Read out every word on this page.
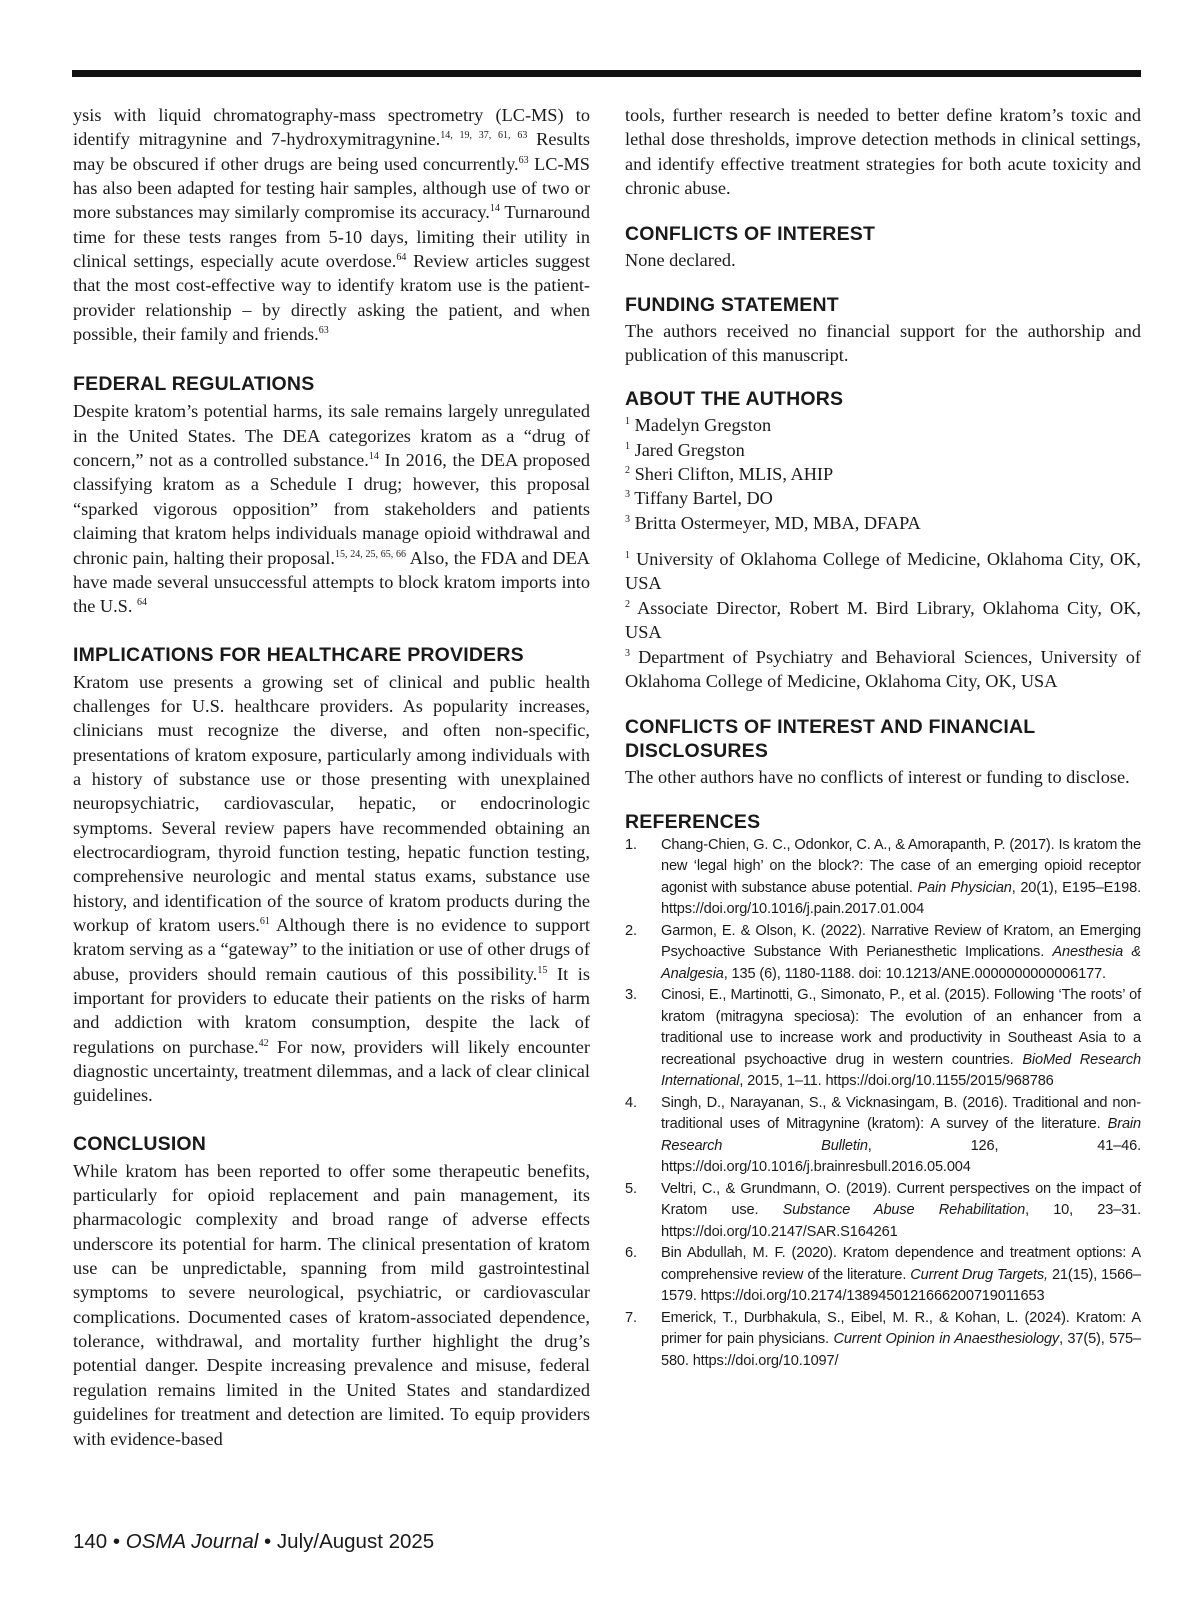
ysis with liquid chromatography-mass spectrometry (LC-MS) to identify mitragynine and 7-hydroxymitragynine.$^{14, 19, 37, 61, 63}$ Results may be obscured if other drugs are being used concurrently.$^{63}$ LC-MS has also been adapted for testing hair samples, although use of two or more substances may similarly compromise its accuracy.$^{14}$ Turnaround time for these tests ranges from 5-10 days, limiting their utility in clinical settings, especially acute overdose.$^{64}$ Review articles suggest that the most cost-effective way to identify kratom use is the patient-provider relationship – by directly asking the patient, and when possible, their family and friends.$^{63}$

FEDERAL REGULATIONS

Despite kratom’s potential harms, its sale remains largely unregulated in the United States. The DEA categorizes kratom as a “drug of concern,” not as a controlled substance.$^{14}$ In 2016, the DEA proposed classifying kratom as a Schedule I drug; however, this proposal “sparked vigorous opposition” from stakeholders and patients claiming that kratom helps individuals manage opioid withdrawal and chronic pain, halting their proposal.$^{15, 24, 25, 65, 66}$ Also, the FDA and DEA have made several unsuccessful attempts to block kratom imports into the U.S. $^{64}$

IMPLICATIONS FOR HEALTHCARE PROVIDERS

Kratom use presents a growing set of clinical and public health challenges for U.S. healthcare providers. As popularity increases, clinicians must recognize the diverse, and often non-specific, presentations of kratom exposure, particularly among individuals with a history of substance use or those presenting with unexplained neuropsychiatric, cardiovascular, hepatic, or endocrinologic symptoms. Several review papers have recommended obtaining an electrocardiogram, thyroid function testing, hepatic function testing, comprehensive neurologic and mental status exams, substance use history, and identification of the source of kratom products during the workup of kratom users.$^{61}$ Although there is no evidence to support kratom serving as a “gateway” to the initiation or use of other drugs of abuse, providers should remain cautious of this possibility.$^{15}$ It is important for providers to educate their patients on the risks of harm and addiction with kratom consumption, despite the lack of regulations on purchase.$^{42}$ For now, providers will likely encounter diagnostic uncertainty, treatment dilemmas, and a lack of clear clinical guidelines.

CONCLUSION

While kratom has been reported to offer some therapeutic benefits, particularly for opioid replacement and pain management, its pharmacologic complexity and broad range of adverse effects underscore its potential for harm. The clinical presentation of kratom use can be unpredictable, spanning from mild gastrointestinal symptoms to severe neurological, psychiatric, or cardiovascular complications. Documented cases of kratom-associated dependence, tolerance, withdrawal, and mortality further highlight the drug’s potential danger. Despite increasing prevalence and misuse, federal regulation remains limited in the United States and standardized guidelines for treatment and detection are limited. To equip providers with evidence-based

tools, further research is needed to better define kratom’s toxic and lethal dose thresholds, improve detection methods in clinical settings, and identify effective treatment strategies for both acute toxicity and chronic abuse.

CONFLICTS OF INTEREST

None declared.

FUNDING STATEMENT

The authors received no financial support for the authorship and publication of this manuscript.

ABOUT THE AUTHORS
$^1$ Madelyn Gregston
$^1$ Jared Gregston
$^2$ Sheri Clifton, MLIS, AHIP
$^3$ Tiffany Bartel, DO
$^3$ Britta Ostermeyer, MD, MBA, DFAPA

$^1$ University of Oklahoma College of Medicine, Oklahoma City, OK, USA

$^2$ Associate Director, Robert M. Bird Library, Oklahoma City, OK, USA

$^3$ Department of Psychiatry and Behavioral Sciences, University of Oklahoma College of Medicine, Oklahoma City, OK, USA

CONFLICTS OF INTEREST AND FINANCIAL DISCLOSURES

The other authors have no conflicts of interest or funding to disclose.

REFERENCES
1. Chang-Chien, G. C., Odonkor, C. A., & Amorapanth, P. (2017). Is kratom the new ‘legal high’ on the block?: The case of an emerging opioid receptor agonist with substance abuse potential. Pain Physician, 20(1), E195–E198. https://doi.org/10.1016/j.pain.2017.01.004
2. Garmon, E. & Olson, K. (2022). Narrative Review of Kratom, an Emerging Psychoactive Substance With Perianesthetic Implications. Anesthesia & Analgesia, 135 (6), 1180-1188. doi: 10.1213/ANE.0000000000006177.
3. Cinosi, E., Martinotti, G., Simonato, P., et al. (2015). Following ‘The roots’ of kratom (mitragyna speciosa): The evolution of an enhancer from a traditional use to increase work and productivity in Southeast Asia to a recreational psychoactive drug in western countries. BioMed Research International, 2015, 1–11. https://doi.org/10.1155/2015/968786
4. Singh, D., Narayanan, S., & Vicknasingam, B. (2016). Traditional and non-traditional uses of Mitragynine (kratom): A survey of the literature. Brain Research Bulletin, 126, 41–46. https://doi.org/10.1016/j.brainresbull.2016.05.004
5. Veltri, C., & Grundmann, O. (2019). Current perspectives on the impact of Kratom use. Substance Abuse Rehabilitation, 10, 23–31. https://doi.org/10.2147/SAR.S164261
6. Bin Abdullah, M. F. (2020). Kratom dependence and treatment options: A comprehensive review of the literature. Current Drug Targets, 21(15), 1566–1579. https://doi.org/10.2174/1389450121666200719011653
7. Emerick, T., Durbhakula, S., Eibel, M. R., & Kohan, L. (2024). Kratom: A primer for pain physicians. Current Opinion in Anaesthesiology, 37(5), 575–580. https://doi.org/10.1097/
140 • OSMA Journal • July/August 2025
